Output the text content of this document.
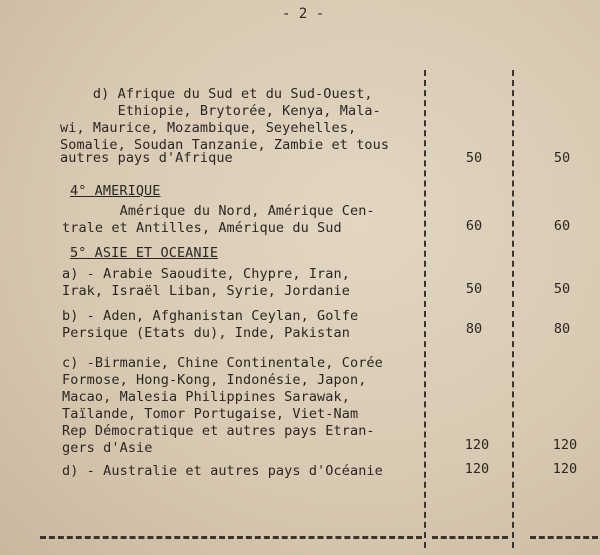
- 2 -
d) Afrique du Sud et du Sud-Ouest,
Ethiopie, Brytorée, Kenya, Mala-
wi, Maurice, Mozambique, Seyehelles,
Somalie, Soudan Tanzanie, Zambie et tous
autres pays d'Afrique	50	50
4° AMERIQUE
Amérique du Nord, Amérique Cen-
trale et Antilles, Amérique du Sud	60	60
5° ASIE ET OCEANIE
a) - Arabie Saoudite, Chypre, Iran,
Irak, Israël Liban, Syrie, Jordanie	50	50
b) - Aden, Afghanistan Ceylan, Golfe
Persique (Etats du), Inde, Pakistan	80	80
c) -Birmanie, Chine Continentale, Corée
Formose, Hong-Kong, Indonésie, Japon,
Macao, Malesia Philippines Sarawak,
Taïlande, Tomor Portugaise, Viet-Nam
Rep Démocratique et autres pays Etran-
gers d'Asie	120	120
d) - Australie et autres pays d'Océanie	120	120
